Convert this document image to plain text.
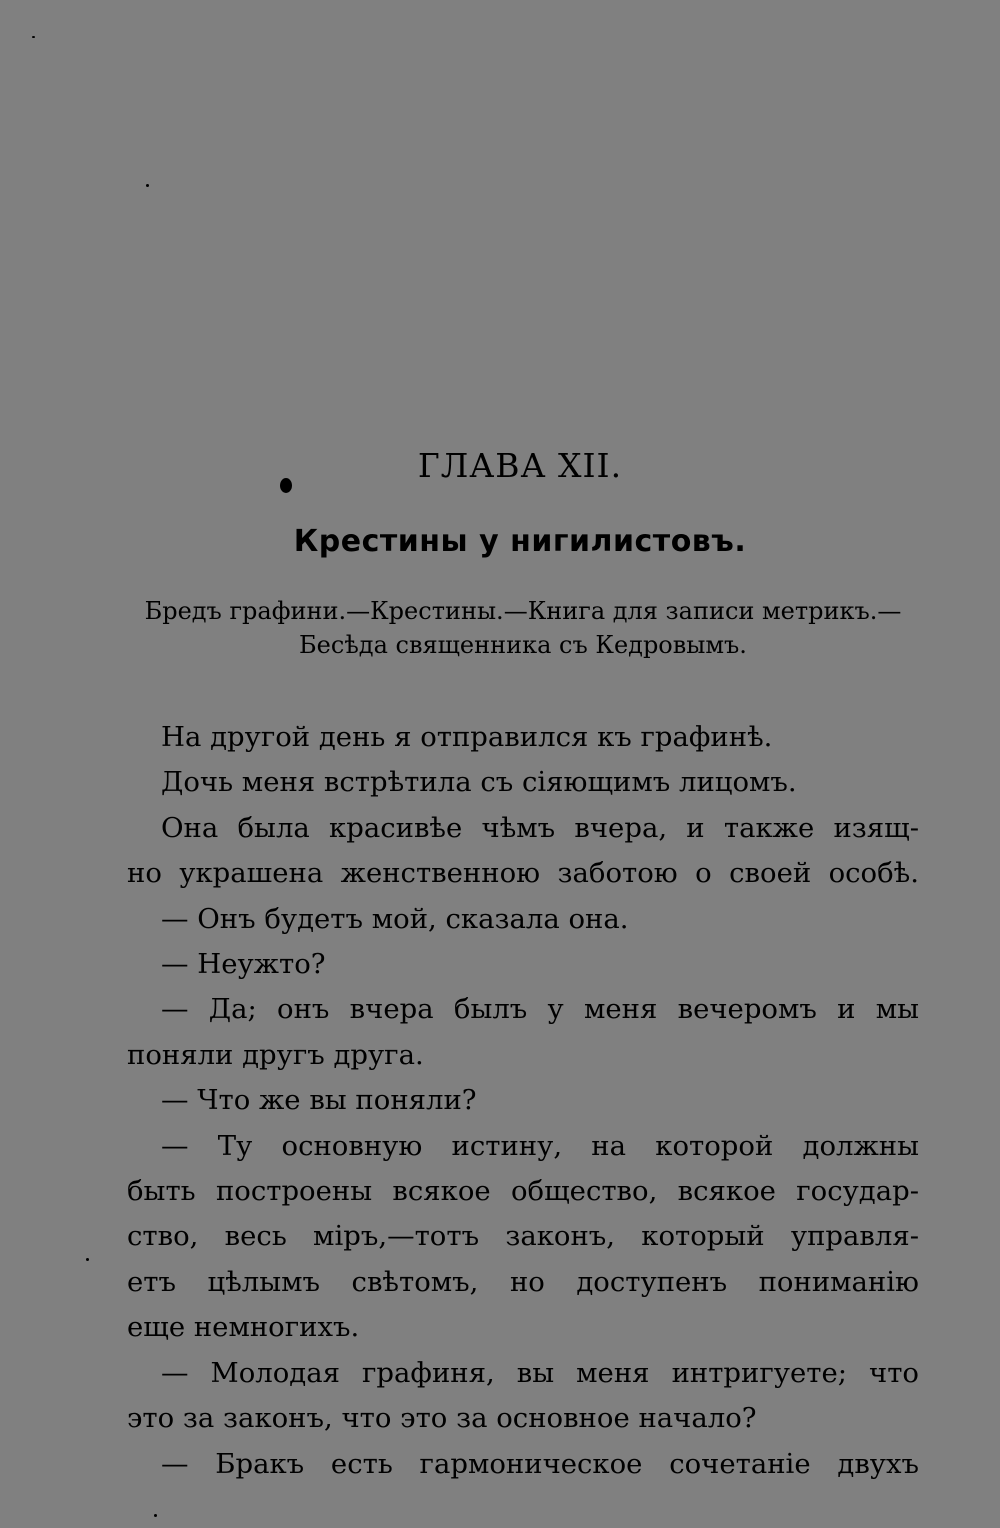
ГЛАВА XII.
Крестины у нигилистовъ.
Бредъ графини.—Крестины.—Книга для записи метрикъ.—
Бесѣда священника съ Кедровымъ.
На другой день я отправился къ графинѣ.
Дочь меня встрѣтила съ сіяющимъ лицомъ.
Она была красивѣе чѣмъ вчера, и также изящ-
но украшена женственною заботою о своей особѣ.
— Онъ будетъ мой, сказала она.
— Неужто?
— Да; онъ вчера былъ у меня вечеромъ и мы
поняли другъ друга.
— Что же вы поняли?
— Ту основную истину, на которой должны
быть построены всякое общество, всякое государ-
ство, весь міръ,—тотъ законъ, который управля-
етъ цѣлымъ свѣтомъ, но доступенъ пониманію
еще немногихъ.
— Молодая графиня, вы меня интригуете; что
это за законъ, что это за основное начало?
— Бракъ есть гармоническое сочетаніе двухъ
